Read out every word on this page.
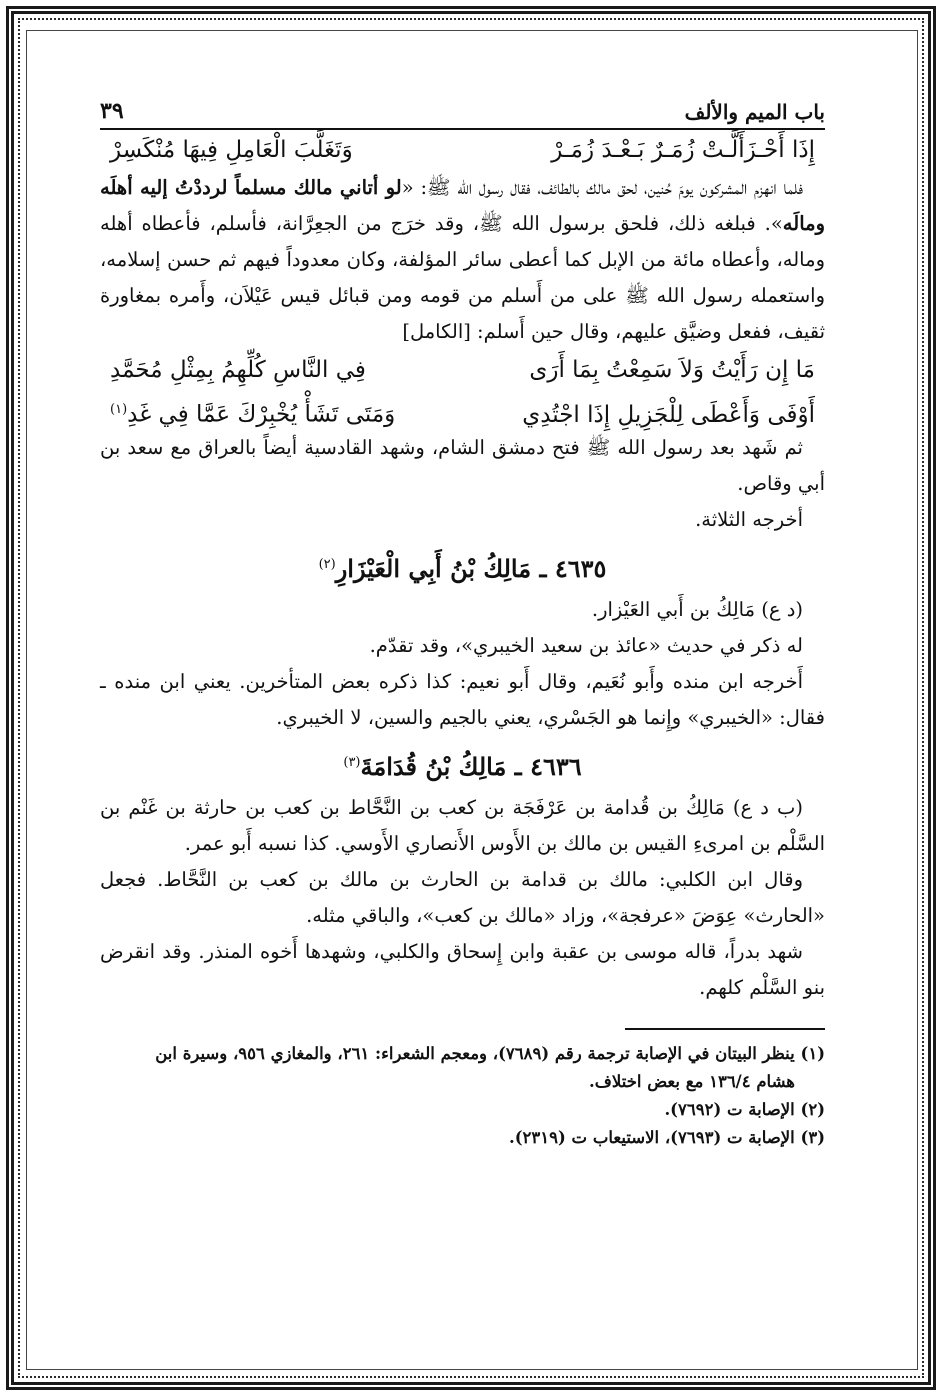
باب الميم والألف
٣٩
إِذَا أَحْـزَأَلَّـتْ زُمَـرٌ بَـعْـدَ زُمَـرْ
وَتَغَلَّبَ الْعَامِلِ فِيهَا مُنْكَسِرْ

فلما انهزم المشركون يومَ حُنين، لحق مالك بالطائف، فقال رسول الله ﷺ: «لو أتاني مالك مسلماً لرددْتُ إليه أهلَه ومالَه». فبلغه ذلك، فلحق برسول الله ﷺ، وقد خرَج من الجعِرَّانة، فأسلم، فأعطاه أهله وماله، وأعطاه مائة من الإبل كما أعطى سائر المؤلفة، وكان معدوداً فيهم ثم حسن إسلامه، واستعمله رسول الله ﷺ على من أَسلم من قومه ومن قبائل قيس عَيْلاَن، وأَمره بمغاورة ثقيف، ففعل وضيَّق عليهم، وقال حين أَسلم: [الكامل]

مَا إِن رَأَيْتُ وَلاَ سَمِعْتُ بِمَا أَرَى
فِي النَّاسِ كُلِّهِمُ بِمِثْلِ مُحَمَّدِ
أَوْفَى وَأَعْطَى لِلْجَزِيلِ إِذَا اجْتُدِي
وَمَتَى تَشَأْ يُخْبِرْكَ عَمَّا فِي غَدِ$^{(١)}$

ثم شَهد بعد رسول الله ﷺ فتح دمشق الشام، وشهد القادسية أيضاً بالعراق مع سعد بن أبي وقاص.

أخرجه الثلاثة.

٤٦٣٥ ـ مَالِكُ بْنُ أَبِي الْعَيْزَارِ$^{(٢)}$

(د ع) مَالِكُ بن أَبي العَيْزار.

له ذكر في حديث «عائذ بن سعيد الخيبري»، وقد تقدّم.

أَخرجه ابن منده وأَبو نُعَيم، وقال أَبو نعيم: كذا ذكره بعض المتأخرين. يعني ابن منده ـ فقال: «الخيبري» وإِنما هو الجَسْري، يعني بالجيم والسين، لا الخيبري.

٤٦٣٦ ـ مَالِكُ بْنُ قُدَامَةَ$^{(٣)}$

(ب د ع) مَالِكُ بن قُدامة بن عَرْفَجَة بن كعب بن النَّحَّاط بن كعب بن حارثة بن غَنْم بن السَّلْم بن امرىءِ القيس بن مالك بن الأَوس الأَنصاري الأَوسي. كذا نسبه أَبو عمر.

وقال ابن الكلبي: مالك بن قدامة بن الحارث بن مالك بن كعب بن النَّحَّاط. فجعل «الحارث» عِوَضَ «عرفجة»، وزاد «مالك بن كعب»، والباقي مثله.

شهد بدراً، قاله موسى بن عقبة وابن إِسحاق والكلبي، وشهدها أَخوه المنذر. وقد انقرض بنو السَّلْم كلهم.

(١) ينظر البيتان في الإصابة ترجمة رقم (٧٦٨٩)، ومعجم الشعراء: ٢٦١، والمغازي ٩٥٦، وسيرة ابن

هشام ١٣٦/٤ مع بعض اختلاف.

(٢) الإصابة ت (٧٦٩٢).

(٣) الإصابة ت (٧٦٩٣)، الاستيعاب ت (٢٣١٩).
